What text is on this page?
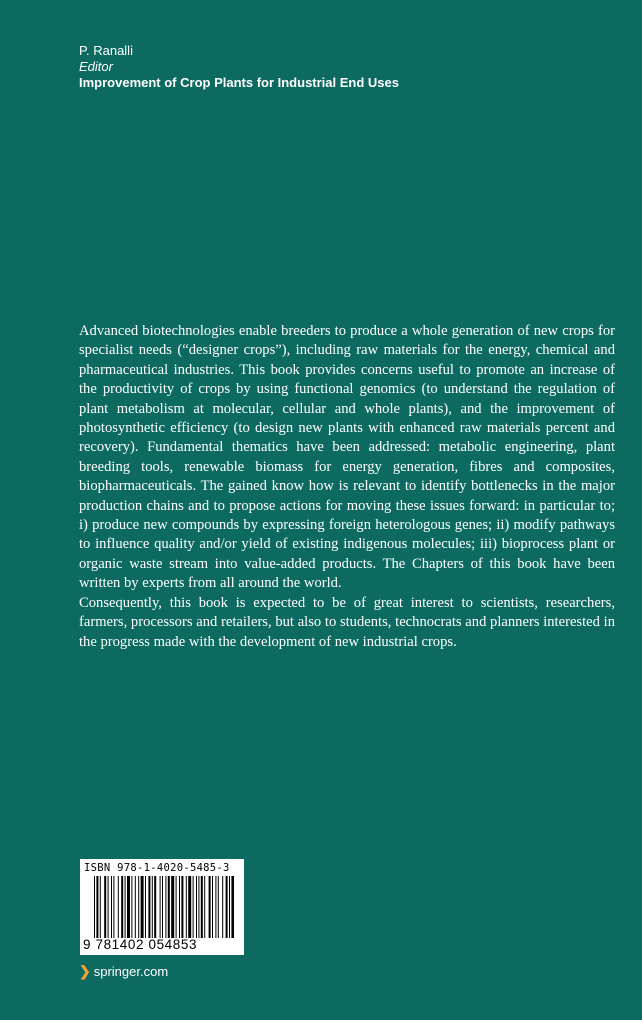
P. Ranalli
Editor
Improvement of Crop Plants for Industrial End Uses

Advanced biotechnologies enable breeders to produce a whole generation of new crops for specialist needs (“designer crops”), including raw materials for the energy, chemical and pharmaceutical industries. This book provides concerns useful to promote an increase of the productivity of crops by using functional genomics (to understand the regulation of plant metabolism at molecular, cellular and whole plants), and the improvement of photosynthetic efficiency (to design new plants with enhanced raw materials percent and recovery). Fundamental thematics have been addressed: metabolic engineering, plant breeding tools, renewable biomass for energy generation, fibres and composites, biopharmaceuticals. The gained know how is relevant to identify bottlenecks in the major production chains and to propose actions for moving these issues forward: in particular to; i) produce new compounds by expressing foreign heterologous genes; ii) modify pathways to influence quality and/or yield of existing indigenous molecules; iii) bioprocess plant or organic waste stream into value-added products. The Chapters of this book have been written by experts from all around the world.

Consequently, this book is expected to be of great interest to scientists, researchers, farmers, processors and retailers, but also to students, technocrats and planners interested in the progress made with the development of new industrial crops.

ISBN 978-1-4020-5485-3
9 781402 054853
❯ springer.com
